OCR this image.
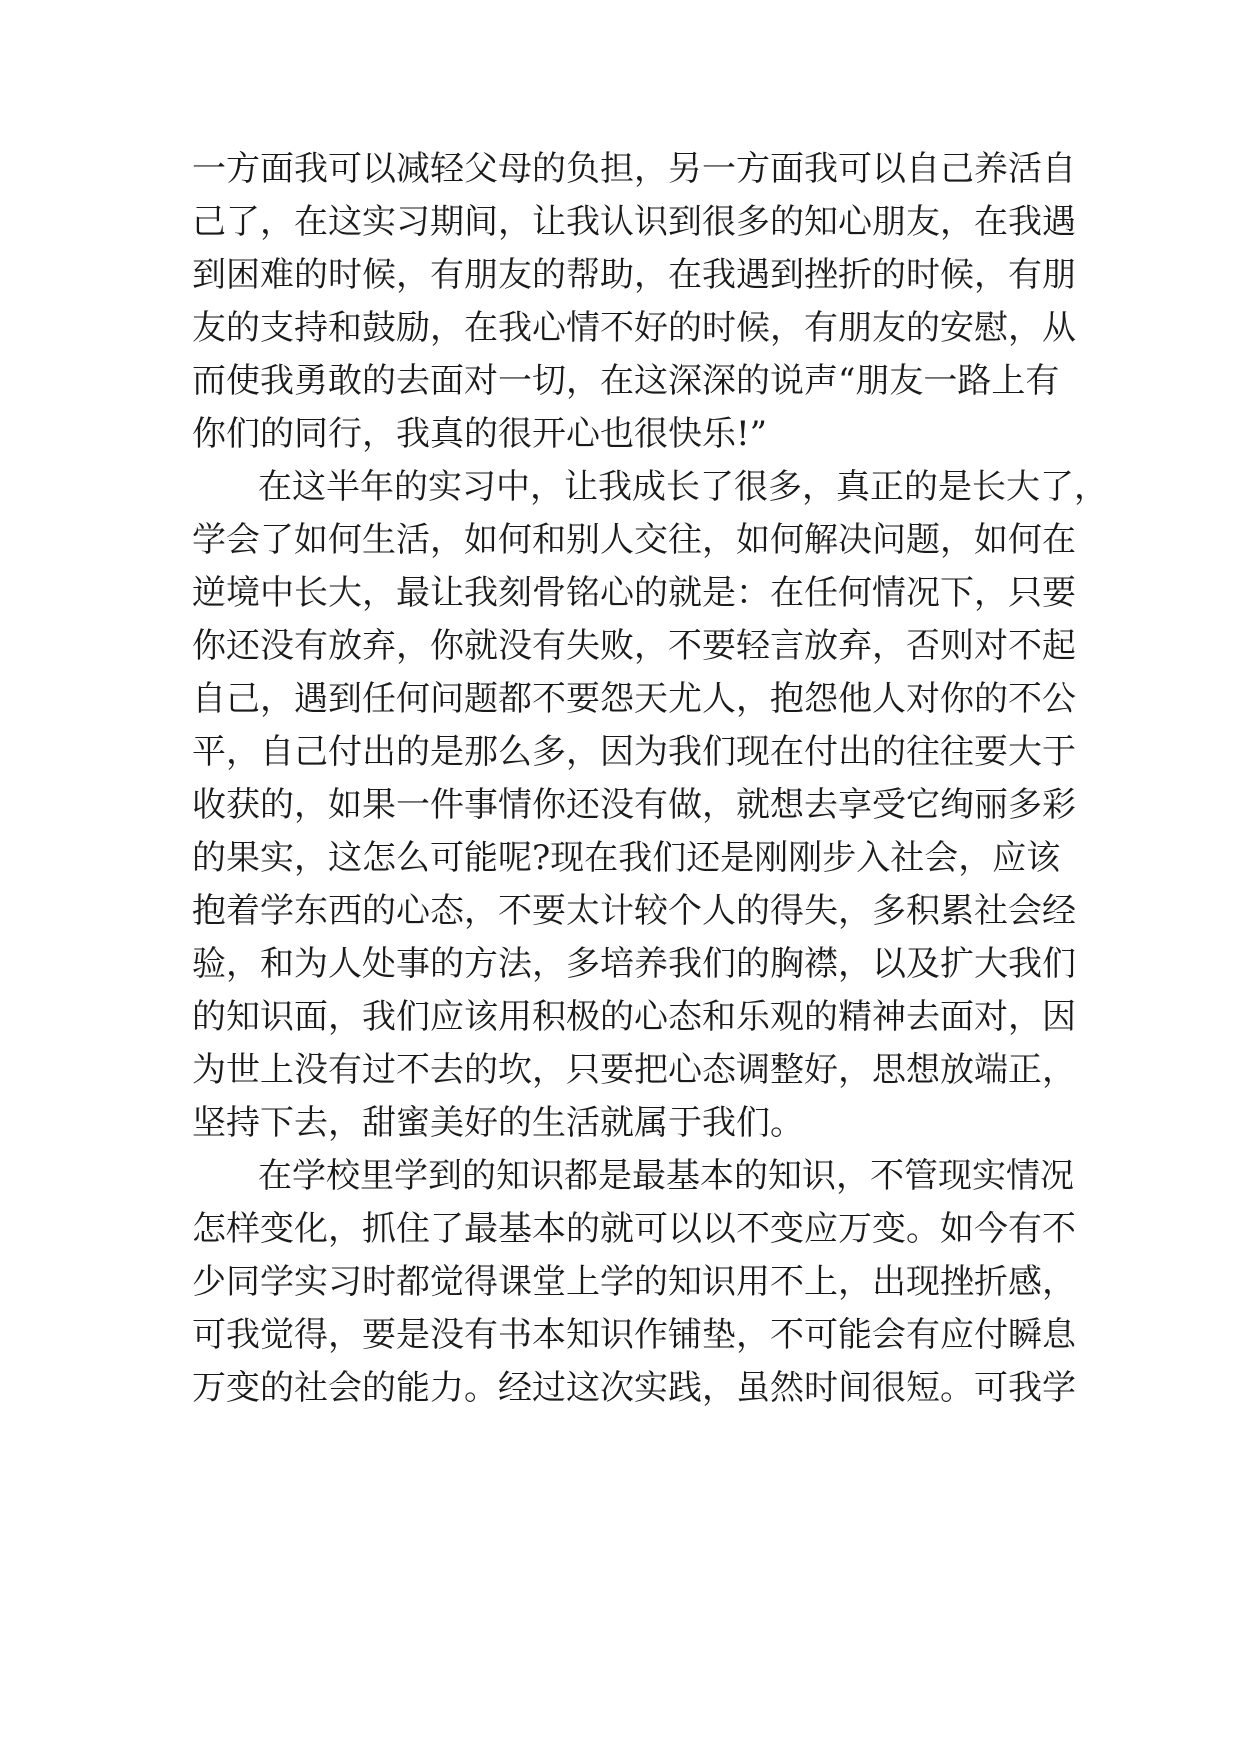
一方面我可以减轻父母的负担，另一方面我可以自己养活自
己了，在这实习期间，让我认识到很多的知心朋友，在我遇
到困难的时候，有朋友的帮助，在我遇到挫折的时候，有朋
友的支持和鼓励，在我心情不好的时候，有朋友的安慰，从
而使我勇敢的去面对一切，在这深深的说声“朋友一路上有
你们的同行，我真的很开心也很快乐!”
在这半年的实习中，让我成长了很多，真正的是长大了，
学会了如何生活，如何和别人交往，如何解决问题，如何在
逆境中长大，最让我刻骨铭心的就是：在任何情况下，只要
你还没有放弃，你就没有失败，不要轻言放弃，否则对不起
自己，遇到任何问题都不要怨天尤人，抱怨他人对你的不公
平，自己付出的是那么多，因为我们现在付出的往往要大于
收获的，如果一件事情你还没有做，就想去享受它绚丽多彩
的果实，这怎么可能呢?现在我们还是刚刚步入社会，应该
抱着学东西的心态，不要太计较个人的得失，多积累社会经
验，和为人处事的方法，多培养我们的胸襟，以及扩大我们
的知识面，我们应该用积极的心态和乐观的精神去面对，因
为世上没有过不去的坎，只要把心态调整好，思想放端正，
坚持下去，甜蜜美好的生活就属于我们。
在学校里学到的知识都是最基本的知识，不管现实情况
怎样变化，抓住了最基本的就可以以不变应万变。如今有不
少同学实习时都觉得课堂上学的知识用不上，出现挫折感，
可我觉得，要是没有书本知识作铺垫，不可能会有应付瞬息
万变的社会的能力。经过这次实践，虽然时间很短。可我学
